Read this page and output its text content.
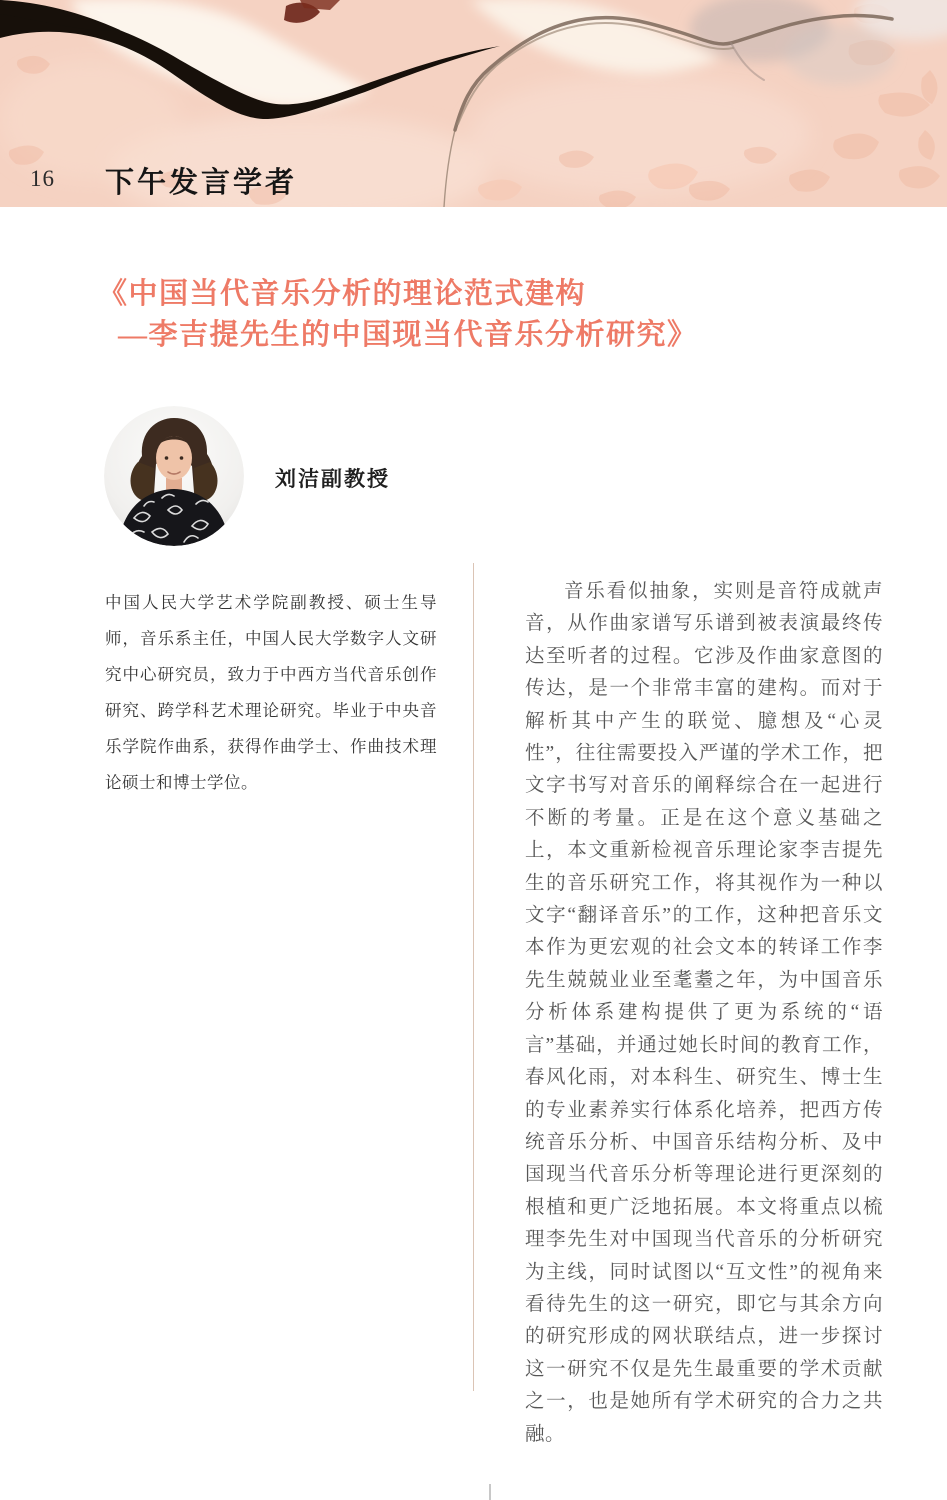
16 下午发言学者
《中国当代音乐分析的理论范式建构
—李吉提先生的中国现当代音乐分析研究》
刘洁副教授

中国人民大学艺术学院副教授、硕士生导师，音乐系主任，中国人民大学数字人文研究中心研究员，致力于中西方当代音乐创作研究、跨学科艺术理论研究。毕业于中央音乐学院作曲系，获得作曲学士、作曲技术理论硕士和博士学位。

音乐看似抽象，实则是音符成就声音，从作曲家谱写乐谱到被表演最终传达至听者的过程。它涉及作曲家意图的传达，是一个非常丰富的建构。而对于解析其中产生的联觉、臆想及“心灵性”，往往需要投入严谨的学术工作，把文字书写对音乐的阐释综合在一起进行不断的考量。正是在这个意义基础之上，本文重新检视音乐理论家李吉提先生的音乐研究工作，将其视作为一种以文字“翻译音乐”的工作，这种把音乐文本作为更宏观的社会文本的转译工作李先生兢兢业业至耄耋之年，为中国音乐分析体系建构提供了更为系统的“语言”基础，并通过她长时间的教育工作，春风化雨，对本科生、研究生、博士生的专业素养实行体系化培养，把西方传统音乐分析、中国音乐结构分析、及中国现当代音乐分析等理论进行更深刻的根植和更广泛地拓展。本文将重点以梳理李先生对中国现当代音乐的分析研究为主线，同时试图以“互文性”的视角来看待先生的这一研究，即它与其余方向的研究形成的网状联结点，进一步探讨这一研究不仅是先生最重要的学术贡献之一，也是她所有学术研究的合力之共融。
